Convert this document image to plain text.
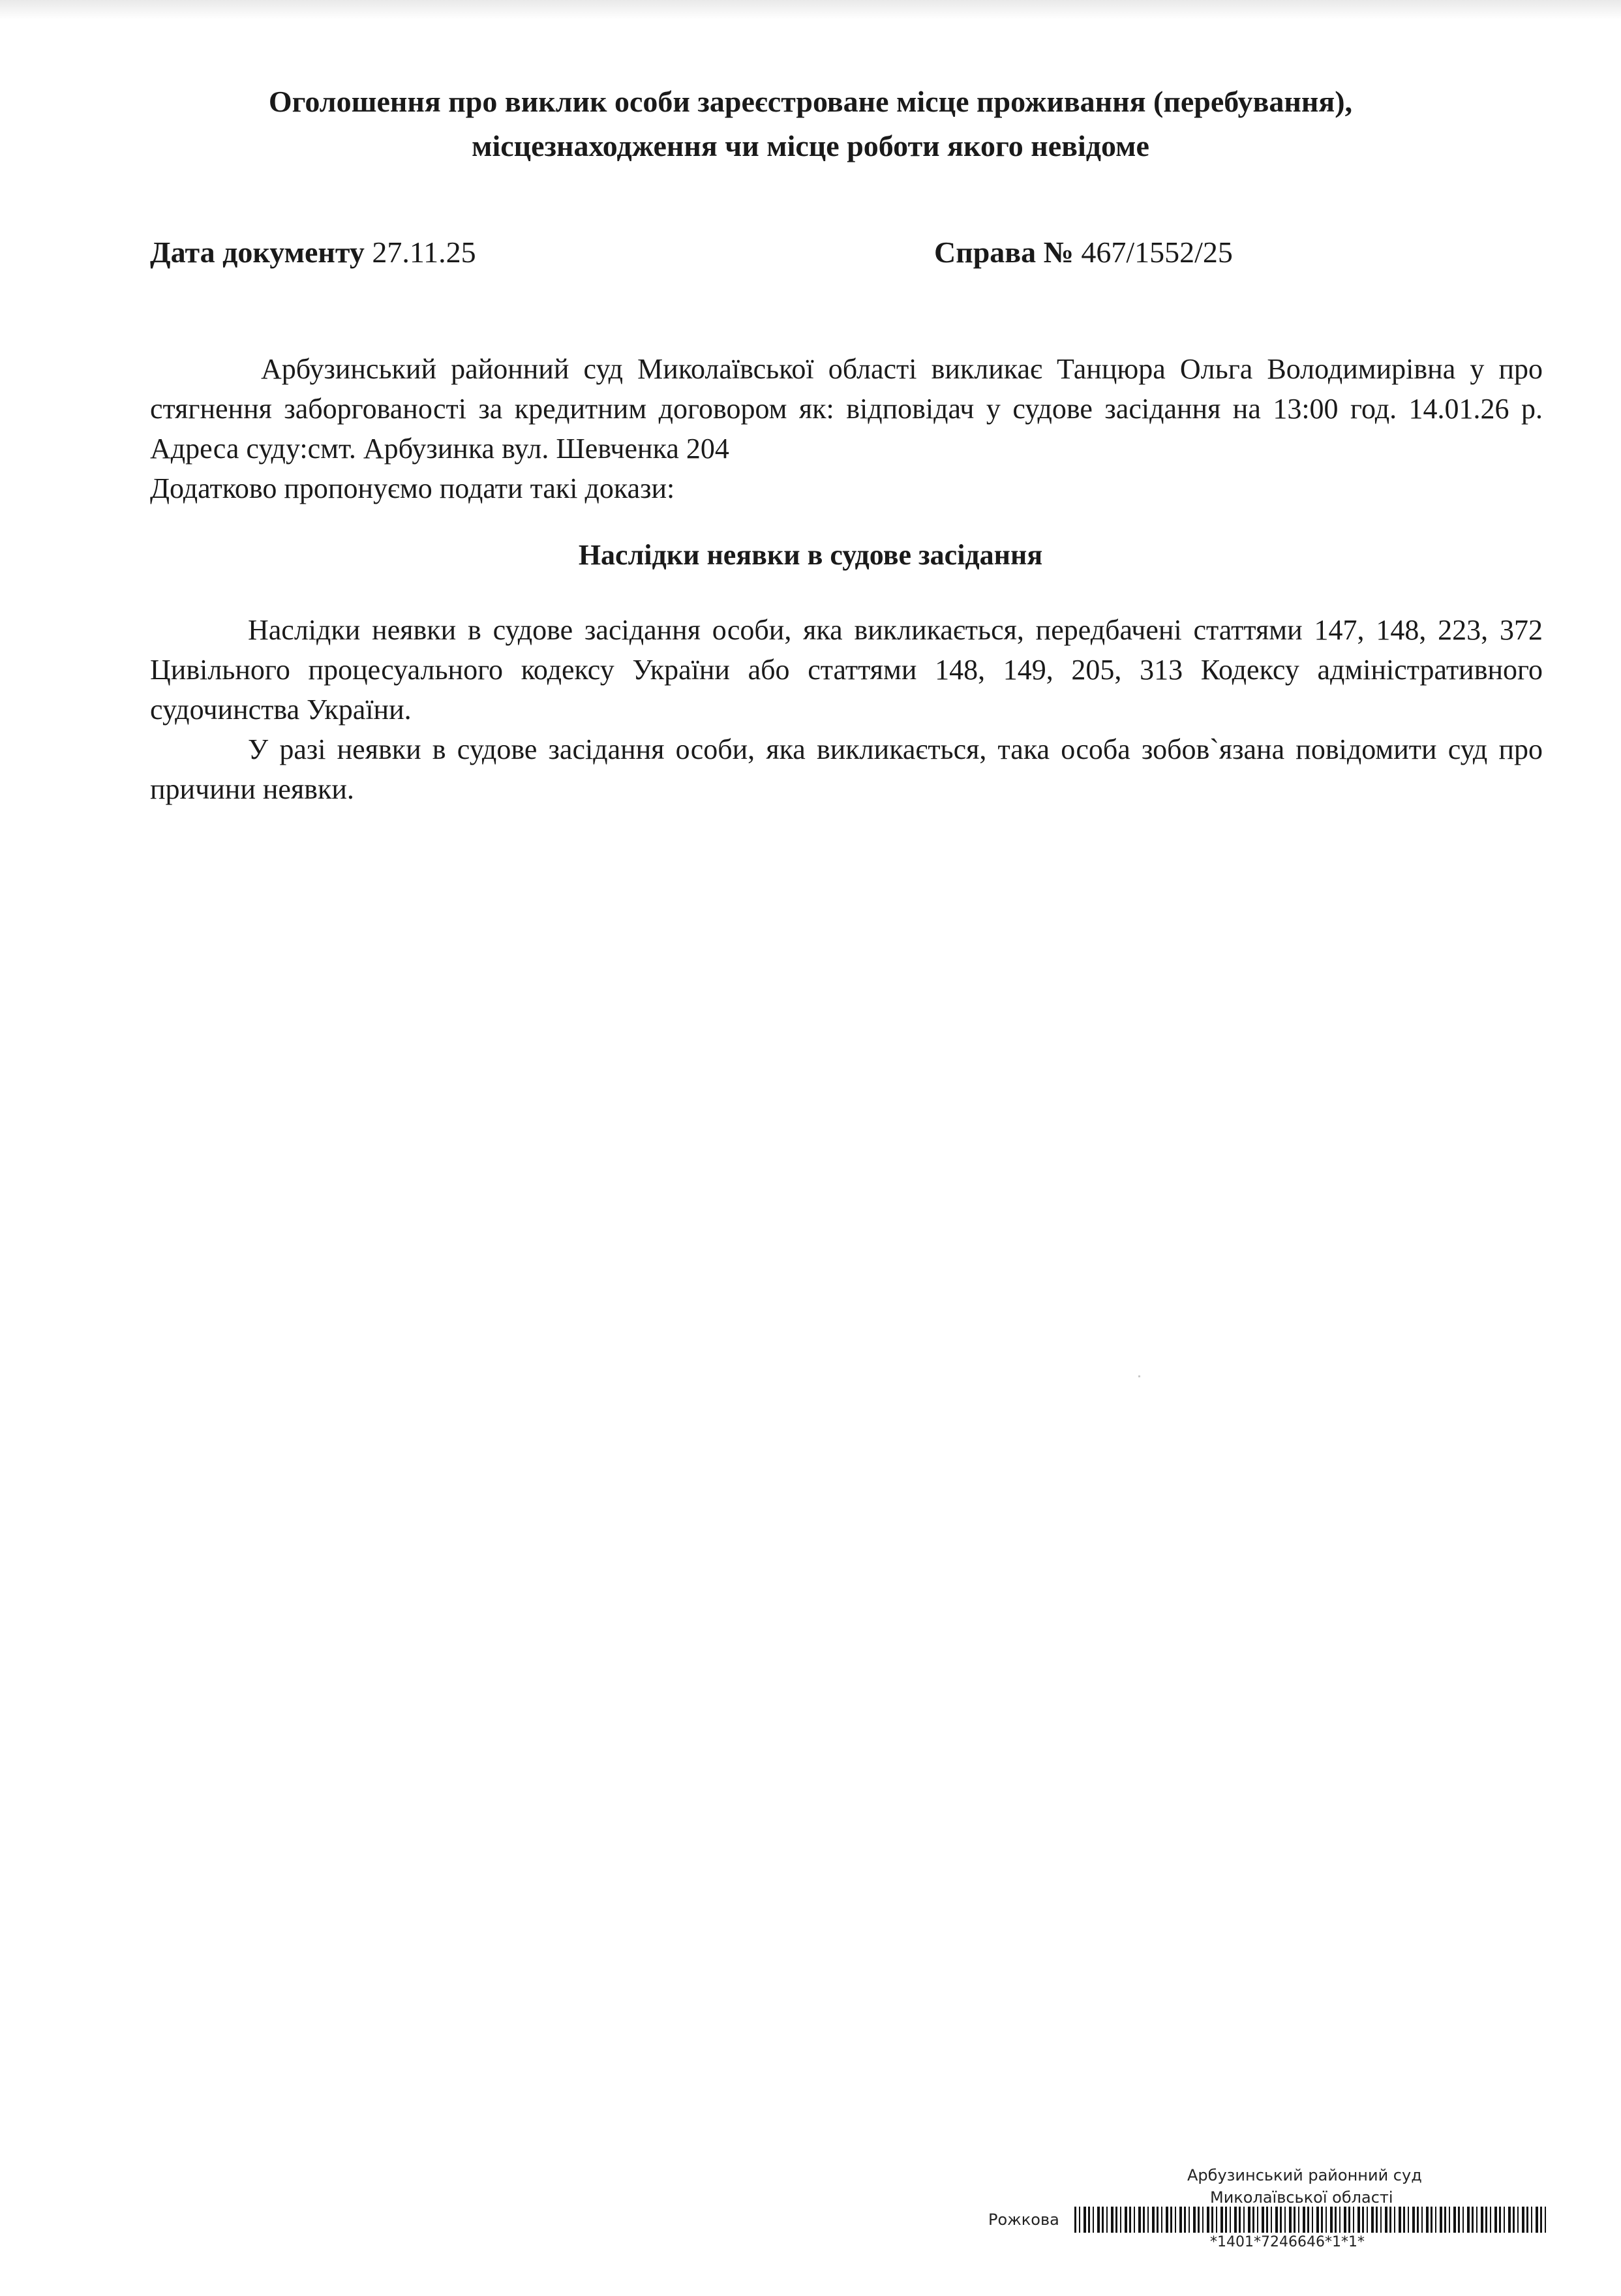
Оголошення про виклик особи зареєстроване місце проживання (перебування),
місцезнаходження чи місце роботи якого невідоме
Дата документу 27.11.25	Справа № 467/1552/25

Арбузинський районний суд Миколаївської області викликає Танцюра Ольга Володимирівна у про стягнення заборгованості за кредитним договором як: відповідач у судове засідання на 13:00 год. 14.01.26 р. Адреса суду:смт. Арбузинка вул. Шевченка 204

Додатково пропонуємо подати такі докази:

Наслідки неявки в судове засідання

Наслідки неявки в судове засідання особи, яка викликається, передбачені статтями 147, 148, 223, 372 Цивільного процесуального кодексу України або статтями 148, 149, 205, 313 Кодексу адміністративного судочинства України.

У разі неявки в судове засідання особи, яка викликається, така особа зобов`язана повідомити суд про причини неявки.

Арбузинський районний суд
Миколаївської області
Рожкова
*1401*7246646*1*1*
